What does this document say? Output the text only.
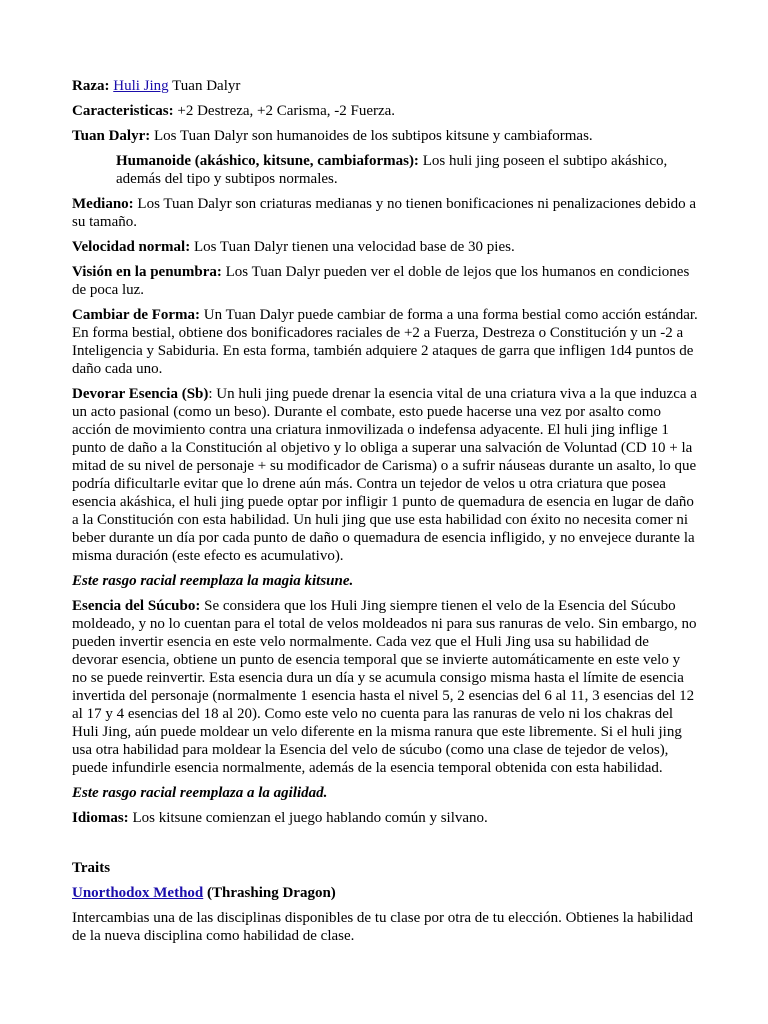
Raza: Huli Jing Tuan Dalyr

Caracteristicas: +2 Destreza, +2 Carisma, -2 Fuerza.

Tuan Dalyr: Los Tuan Dalyr son humanoides de los subtipos kitsune y cambiaformas.

Humanoide (akáshico, kitsune, cambiaformas): Los huli jing poseen el subtipo akáshico, además del tipo y subtipos normales.

Mediano: Los Tuan Dalyr son criaturas medianas y no tienen bonificaciones ni penalizaciones debido a su tamaño.

Velocidad normal: Los Tuan Dalyr tienen una velocidad base de 30 pies.

Visión en la penumbra: Los Tuan Dalyr pueden ver el doble de lejos que los humanos en condiciones de poca luz.

Cambiar de Forma: Un Tuan Dalyr puede cambiar de forma a una forma bestial como acción estándar. En forma bestial, obtiene dos bonificadores raciales de +2 a Fuerza, Destreza o Constitución y un -2 a Inteligencia y Sabiduria. En esta forma, también adquiere 2 ataques de garra que infligen 1d4 puntos de daño cada uno.

Devorar Esencia (Sb): Un huli jing puede drenar la esencia vital de una criatura viva a la que induzca a un acto pasional (como un beso). Durante el combate, esto puede hacerse una vez por asalto como acción de movimiento contra una criatura inmovilizada o indefensa adyacente. El huli jing inflige 1 punto de daño a la Constitución al objetivo y lo obliga a superar una salvación de Voluntad (CD 10 + la mitad de su nivel de personaje + su modificador de Carisma) o a sufrir náuseas durante un asalto, lo que podría dificultarle evitar que lo drene aún más. Contra un tejedor de velos u otra criatura que posea esencia akáshica, el huli jing puede optar por infligir 1 punto de quemadura de esencia en lugar de daño a la Constitución con esta habilidad. Un huli jing que use esta habilidad con éxito no necesita comer ni beber durante un día por cada punto de daño o quemadura de esencia infligido, y no envejece durante la misma duración (este efecto es acumulativo).

Este rasgo racial reemplaza la magia kitsune.

Esencia del Súcubo: Se considera que los Huli Jing siempre tienen el velo de la Esencia del Súcubo moldeado, y no lo cuentan para el total de velos moldeados ni para sus ranuras de velo. Sin embargo, no pueden invertir esencia en este velo normalmente. Cada vez que el Huli Jing usa su habilidad de devorar esencia, obtiene un punto de esencia temporal que se invierte automáticamente en este velo y no se puede reinvertir. Esta esencia dura un día y se acumula consigo misma hasta el límite de esencia invertida del personaje (normalmente 1 esencia hasta el nivel 5, 2 esencias del 6 al 11, 3 esencias del 12 al 17 y 4 esencias del 18 al 20). Como este velo no cuenta para las ranuras de velo ni los chakras del Huli Jing, aún puede moldear un velo diferente en la misma ranura que este libremente. Si el huli jing usa otra habilidad para moldear la Esencia del velo de súcubo (como una clase de tejedor de velos), puede infundirle esencia normalmente, además de la esencia temporal obtenida con esta habilidad.

Este rasgo racial reemplaza a la agilidad.

Idiomas: Los kitsune comienzan el juego hablando común y silvano.

Traits

Unorthodox Method (Thrashing Dragon)

Intercambias una de las disciplinas disponibles de tu clase por otra de tu elección. Obtienes la habilidad de la nueva disciplina como habilidad de clase.
